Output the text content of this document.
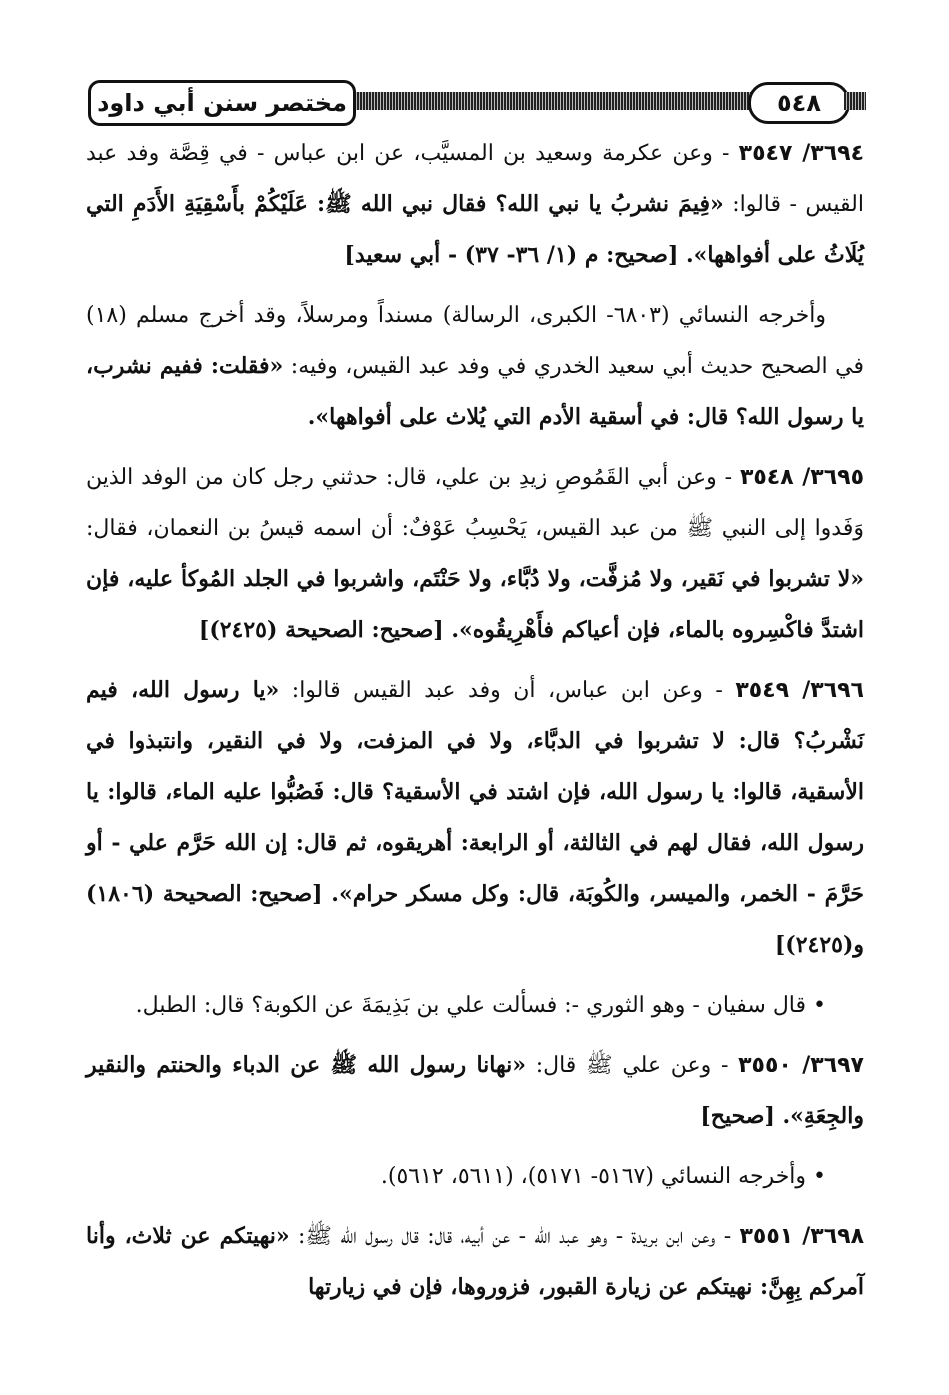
مختصر سنن أبي داود	٥٤٨

٣٦٩٤/ ٣٥٤٧ - وعن عكرمة وسعيد بن المسيَّب، عن ابن عباس - في قِصَّة وفد عبد القيس - قالوا: «فِيمَ نشربُ يا نبي الله؟ فقال نبي الله ﷺ: عَلَيْكُمْ بأَسْقِيَةِ الأَدَمِ التي يُلَاثُ على أفواهها». [صحيح: م (١/ ٣٦- ٣٧) - أبي سعيد]

وأخرجه النسائي (٦٨٠٣- الكبرى، الرسالة) مسنداً ومرسلاً، وقد أخرج مسلم (١٨) في الصحيح حديث أبي سعيد الخدري في وفد عبد القيس، وفيه: «فقلت: ففيم نشرب، يا رسول الله؟ قال: في أسقية الأدم التي يُلاث على أفواهها».

٣٦٩٥/ ٣٥٤٨ - وعن أبي القَمُوصِ زيدِ بن علي، قال: حدثني رجل كان من الوفد الذين وَفَدوا إلى النبي ﷺ من عبد القيس، يَحْسِبُ عَوْفٌ: أن اسمه قيسُ بن النعمان، فقال: «لا تشربوا في نَقير، ولا مُزفَّت، ولا دُبَّاء، ولا حَنْتَم، واشربوا في الجلد المُوكأ عليه، فإن اشتدَّ فاكْسِروه بالماء، فإن أعياكم فأَهْرِيقُوه». [صحيح: الصحيحة (٢٤٢٥)]

٣٦٩٦/ ٣٥٤٩ - وعن ابن عباس، أن وفد عبد القيس قالوا: «يا رسول الله، فيم نَشْربُ؟ قال: لا تشربوا في الدبَّاء، ولا في المزفت، ولا في النقير، وانتبذوا في الأسقية، قالوا: يا رسول الله، فإن اشتد في الأسقية؟ قال: فَصُبُّوا عليه الماء، قالوا: يا رسول الله، فقال لهم في الثالثة، أو الرابعة: أهريقوه، ثم قال: إن الله حَرَّم علي - أو حَرَّمَ - الخمر، والميسر، والكُوبَة، قال: وكل مسكر حرام». [صحيح: الصحيحة (١٨٠٦) و(٢٤٢٥)]

• قال سفيان - وهو الثوري -: فسألت علي بن بَذِيمَةَ عن الكوبة؟ قال: الطبل.

٣٦٩٧/ ٣٥٥٠ - وعن علي ﷺ قال: «نهانا رسول الله ﷺ عن الدباء والحنتم والنقير والجِعَةِ». [صحيح]

• وأخرجه النسائي (٥١٦٧- ٥١٧١)، (٥٦١١، ٥٦١٢).

٣٦٩٨/ ٣٥٥١ - وعن ابن بريدة - وهو عبد الله - عن أبيه، قال: قال رسول الله ﷺ: «نهيتكم عن ثلاث، وأنا آمركم بِهِنَّ: نهيتكم عن زيارة القبور، فزوروها، فإن في زيارتها
